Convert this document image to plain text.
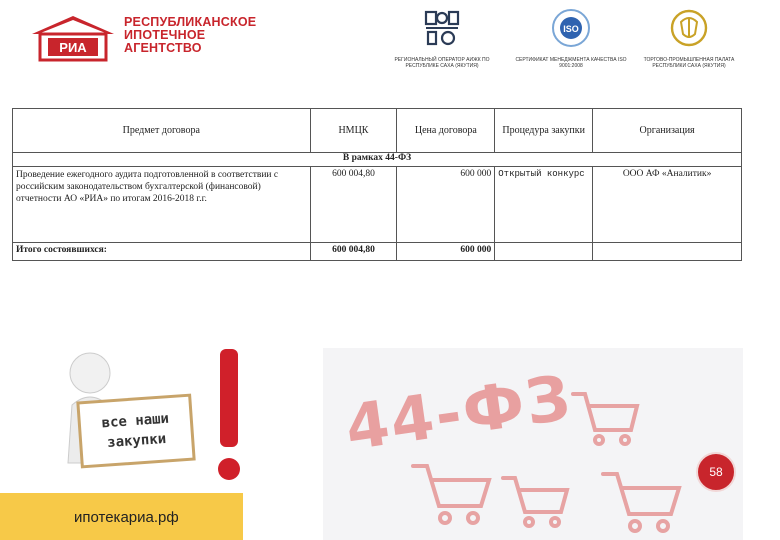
РИА
РЕСПУБЛИКАНСКОЕ
ИПОТЕЧНОЕ
АГЕНТСТВО
РЕГИОНАЛЬНЫЙ ОПЕРАТОР АИЖК ПО РЕСПУБЛИКЕ САХА (ЯКУТИЯ)
ISO
СЕРТИФИКАТ МЕНЕДЖМЕНТА КАЧЕСТВА ISO 9001:2008
ТОРГОВО-ПРОМЫШЛЕННАЯ ПАЛАТА РЕСПУБЛИКИ САХА (ЯКУТИЯ)
Предмет договора	НМЦК	Цена договора	Процедура закупки	Организация
В рамках 44-ФЗ				
Проведение ежегодного аудита подготовленной в соответствии с российским законодательством бухгалтерской (финансовой) отчетности АО «РИА» по итогам 2016-2018 г.г.	600 004,80	600 000	Открытый конкурс	ООО АФ «Аналитик»
Итого состоявшихся:	600 004,80	600 000		
все наши
закупки	44-ФЗ
58
ипотекариа.рф
